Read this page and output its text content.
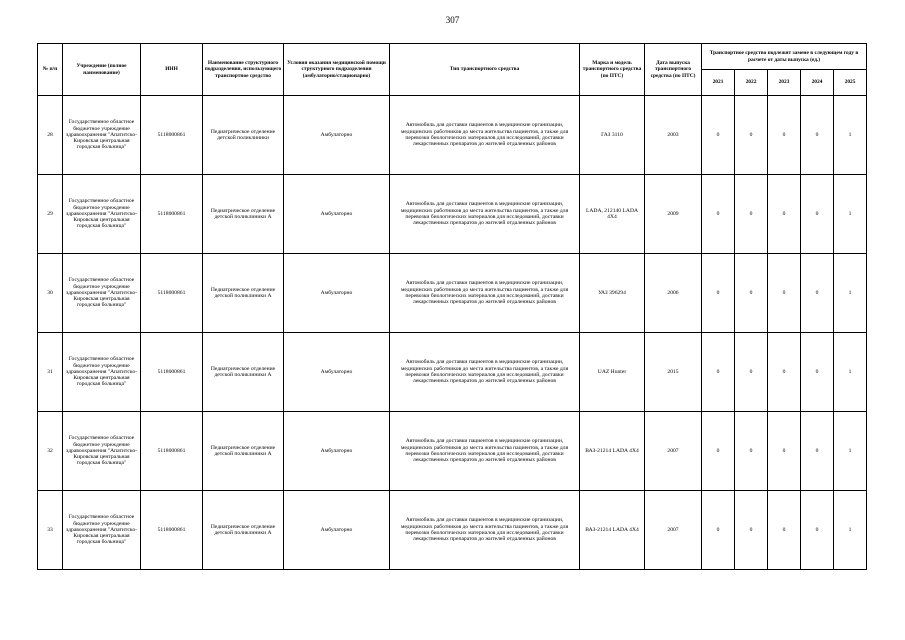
307
№ п/п	Учреждение (полное наименование)	ИНН	Наименование структурного подразделения, использующего транспортное средство	Условия оказания медицинской помощи структурного подразделения (амбулаторно/стационарно)	Тип транспортного средства	Марка и модель транспортного средства (по ПТС)	Дата выпуска транспортного средства (по ПТС)	Транспортное средство подлежит замене в следующем году в расчете от даты выпуска (ед.)				
								2021	2022	2023	2024	2025
28	Государственное областное бюджетное учреждение здравоохранения "Апатитско-Кировская центральная городская больница"	5118000861	Педиатрическое отделение детской поликлиники	Амбулаторно	Автомобиль для доставки пациентов в медицинские организации, медицинских работников до места жительства пациентов, а также для перевозки биологических материалов для исследований, доставки лекарственных препаратов до жителей отдаленных районов	ГАЗ 3110	2003	0	0	0	0	1
29	Государственное областное бюджетное учреждение здравоохранения "Апатитско-Кировская центральная городская больница"	5118000861	Педиатрическое отделение детской поликлиники А	Амбулаторно	Автомобиль для доставки пациентов в медицинские организации, медицинских работников до места жительства пациентов, а также для перевозки биологических материалов для исследований, доставки лекарственных препаратов до жителей отдаленных районов	LADA, 212140 LADA 4X4	2009	0	0	0	0	1
30	Государственное областное бюджетное учреждение здравоохранения "Апатитско-Кировская центральная городская больница"	5118000861	Педиатрическое отделение детской поликлиники А	Амбулаторно	Автомобиль для доставки пациентов в медицинские организации, медицинских работников до места жительства пациентов, а также для перевозки биологических материалов для исследований, доставки лекарственных препаратов до жителей отдаленных районов	УАЗ 396294	2006	0	0	0	0	1
31	Государственное областное бюджетное учреждение здравоохранения "Апатитско-Кировская центральная городская больница"	5118000861	Педиатрическое отделение детской поликлиники А	Амбулаторно	Автомобиль для доставки пациентов в медицинские организации, медицинских работников до места жительства пациентов, а также для перевозки биологических материалов для исследований, доставки лекарственных препаратов до жителей отдаленных районов	UAZ Hunter	2015	0	0	0	0	1
32	Государственное областное бюджетное учреждение здравоохранения "Апатитско-Кировская центральная городская больница"	5118000861	Педиатрическое отделение детской поликлиники А	Амбулаторно	Автомобиль для доставки пациентов в медицинские организации, медицинских работников до места жительства пациентов, а также для перевозки биологических материалов для исследований, доставки лекарственных препаратов до жителей отдаленных районов	ВАЗ-21214 LADA 4X4	2007	0	0	0	0	1
33	Государственное областное бюджетное учреждение здравоохранения "Апатитско-Кировская центральная городская больница"	5118000861	Педиатрическое отделение детской поликлиники А	Амбулаторно	Автомобиль для доставки пациентов в медицинские организации, медицинских работников до места жительства пациентов, а также для перевозки биологических материалов для исследований, доставки лекарственных препаратов до жителей отдаленных районов	ВАЗ-21214 LADA 4X4	2007	0	0	0	0	1
